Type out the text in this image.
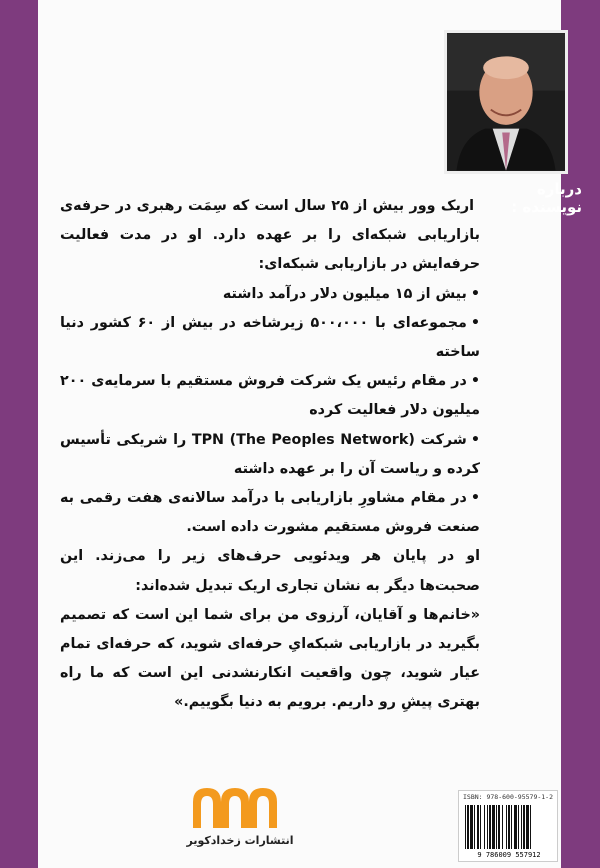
درباره نویسنده :

اریک وور بیش از ۲۵ سال است که سِمَت رهبری در حرفه‌ی بازاریابی شبکه‌ای را بر عهده دارد. او در مدت فعالیت حرفه‌ایش در بازاریابی شبکه‌ای:

• بیش از ۱۵ میلیون دلار درآمد داشته

• مجموعه‌ای با ۵۰۰،۰۰۰ زیرشاخه در بیش از ۶۰ کشور دنیا ساخته

• در مقام رئیس یک شرکت فروش مستقیم با سرمایه‌ی ۲۰۰ میلیون دلار فعالیت کرده

• شرکت TPN (The Peoples Network) را شریکی تأسیس کرده و ریاست آن را بر عهده داشته

• در مقام مشاورِ بازاریابی با درآمد سالانه‌ی هفت رقمی به صنعت فروش مستقیم مشورت داده است.

او در پایان هر ویدئویی حرف‌های زیر را می‌زند. این صحبت‌ها دیگر به نشان تجاری اریک تبدیل شده‌اند:

«خانم‌ها و آقایان، آرزوی من برای شما این است که تصمیم بگیرید در بازاریابی شبکه‌ایِ حرفه‌ای شوید، که حرفه‌ای تمام عیار شوید، چون واقعیت انکارنشدنی این است که ما راه بهتری پیشِ رو داریم. برویم به دنیا بگوییم.»

انتشارات زخدادکویر
ISBN: 978-600-95579-1-2
9 786009 557912
